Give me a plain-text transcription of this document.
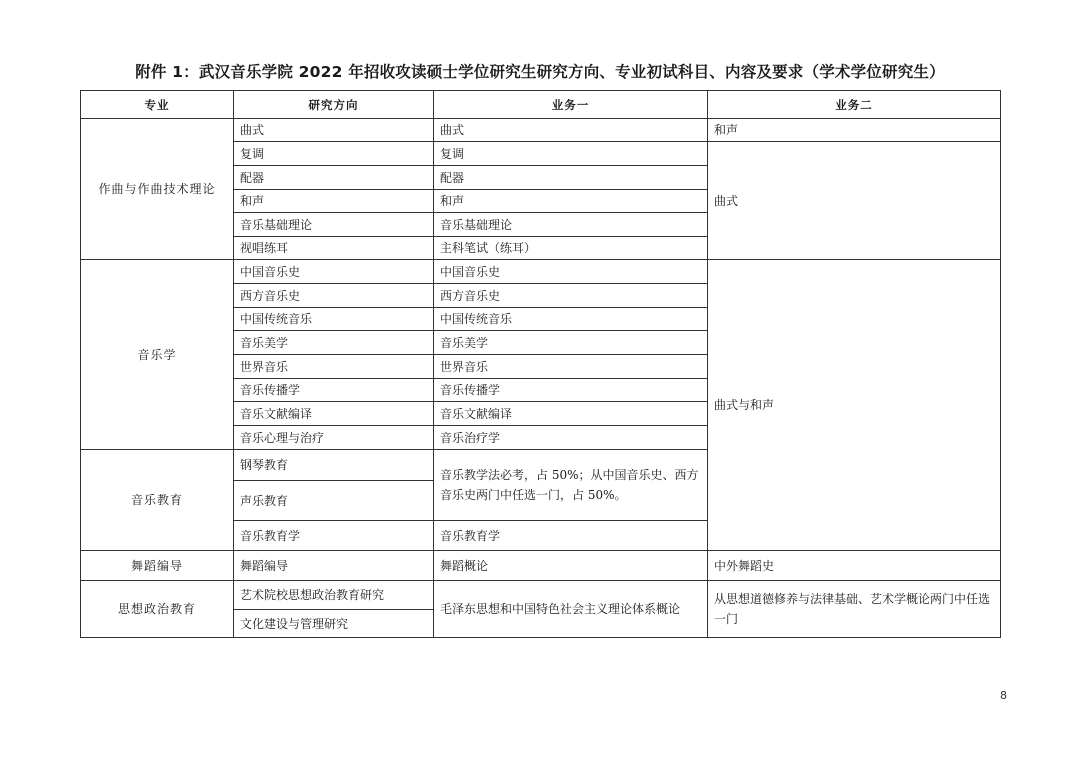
附件 1：武汉音乐学院 2022 年招收攻读硕士学位研究生研究方向、专业初试科目、内容及要求（学术学位研究生）
专业	研究方向	业务一	业务二
作曲与作曲技术理论	曲式	曲式	和声
	复调	复调	曲式
	配器	配器	
	和声	和声	
	音乐基础理论	音乐基础理论	
	视唱练耳	主科笔试（练耳）	
音乐学	中国音乐史	中国音乐史	曲式与和声
	西方音乐史	西方音乐史	
	中国传统音乐	中国传统音乐	
	音乐美学	音乐美学	
	世界音乐	世界音乐	
	音乐传播学	音乐传播学	
	音乐文献编译	音乐文献编译	
	音乐心理与治疗	音乐治疗学	
音乐教育	钢琴教育	音乐教学法必考，占 50%；从中国音乐史、西方音乐史两门中任选一门，占 50%。	
	声乐教育		
	音乐教育学	音乐教育学	
舞蹈编导	舞蹈编导	舞蹈概论	中外舞蹈史
思想政治教育	艺术院校思想政治教育研究	毛泽东思想和中国特色社会主义理论体系概论	从思想道德修养与法律基础、艺术学概论两门中任选一门
	文化建设与管理研究		
8
